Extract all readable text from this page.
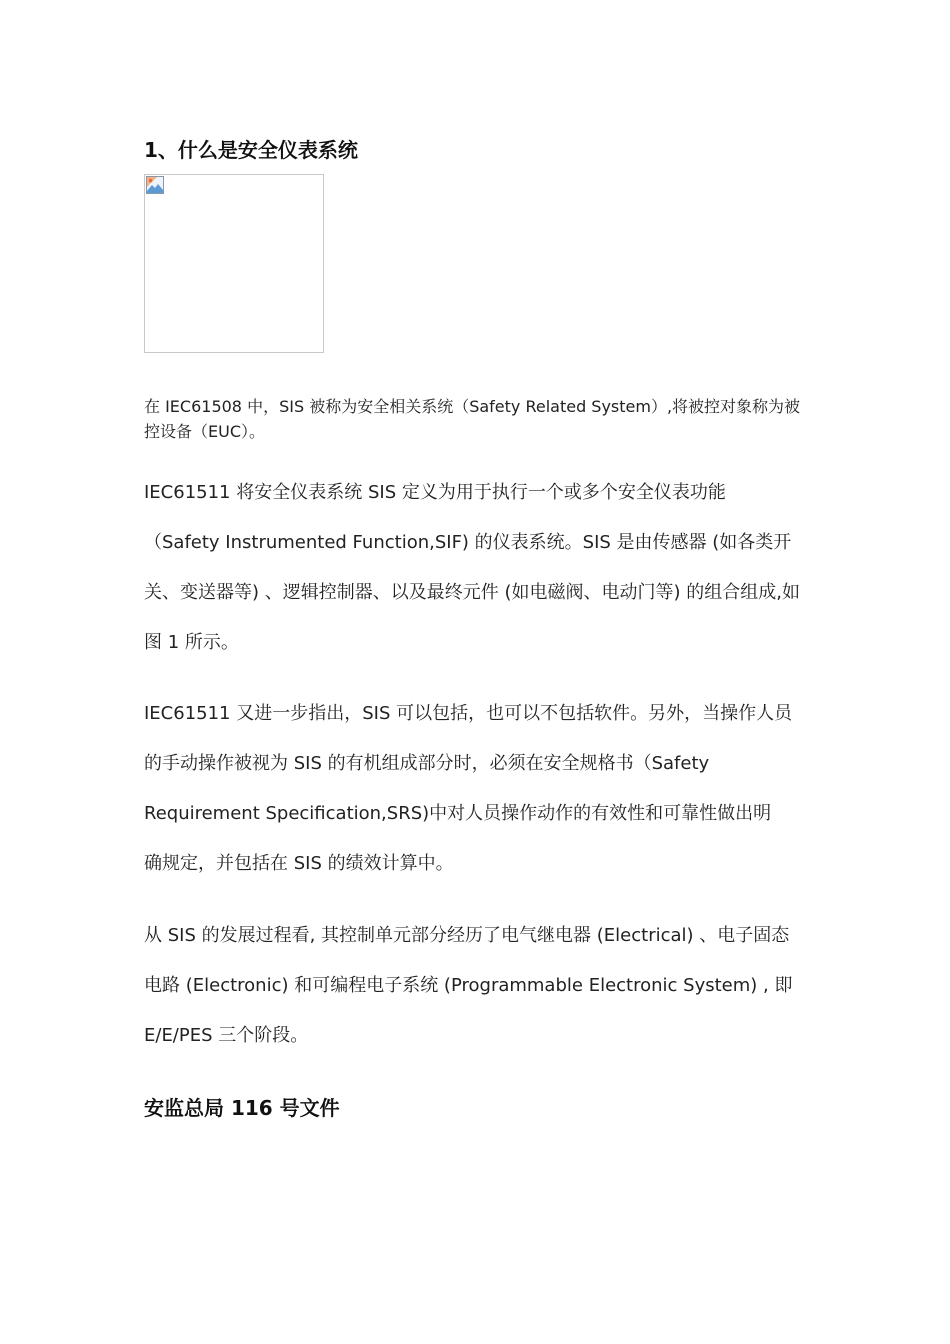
1、什么是安全仪表系统
在 IEC61508 中，SIS 被称为安全相关系统（Safety Related System）,将被控对象称为被控设备（EUC）。
IEC61511 将安全仪表系统 SIS 定义为用于执行一个或多个安全仪表功能
（Safety Instrumented Function,SIF) 的仪表系统。SIS 是由传感器 (如各类开
关、变送器等) 、逻辑控制器、以及最终元件 (如电磁阀、电动门等) 的组合组成,如
图 1 所示。
IEC61511 又进一步指出，SIS 可以包括，也可以不包括软件。另外，当操作人员
的手动操作被视为 SIS 的有机组成部分时，必须在安全规格书（Safety
Requirement Specification,SRS)中对人员操作动作的有效性和可靠性做出明
确规定，并包括在 SIS 的绩效计算中。
从 SIS 的发展过程看, 其控制单元部分经历了电气继电器 (Electrical) 、电子固态
电路 (Electronic) 和可编程电子系统 (Programmable Electronic System) , 即
E/E/PES 三个阶段。
安监总局 116 号文件
